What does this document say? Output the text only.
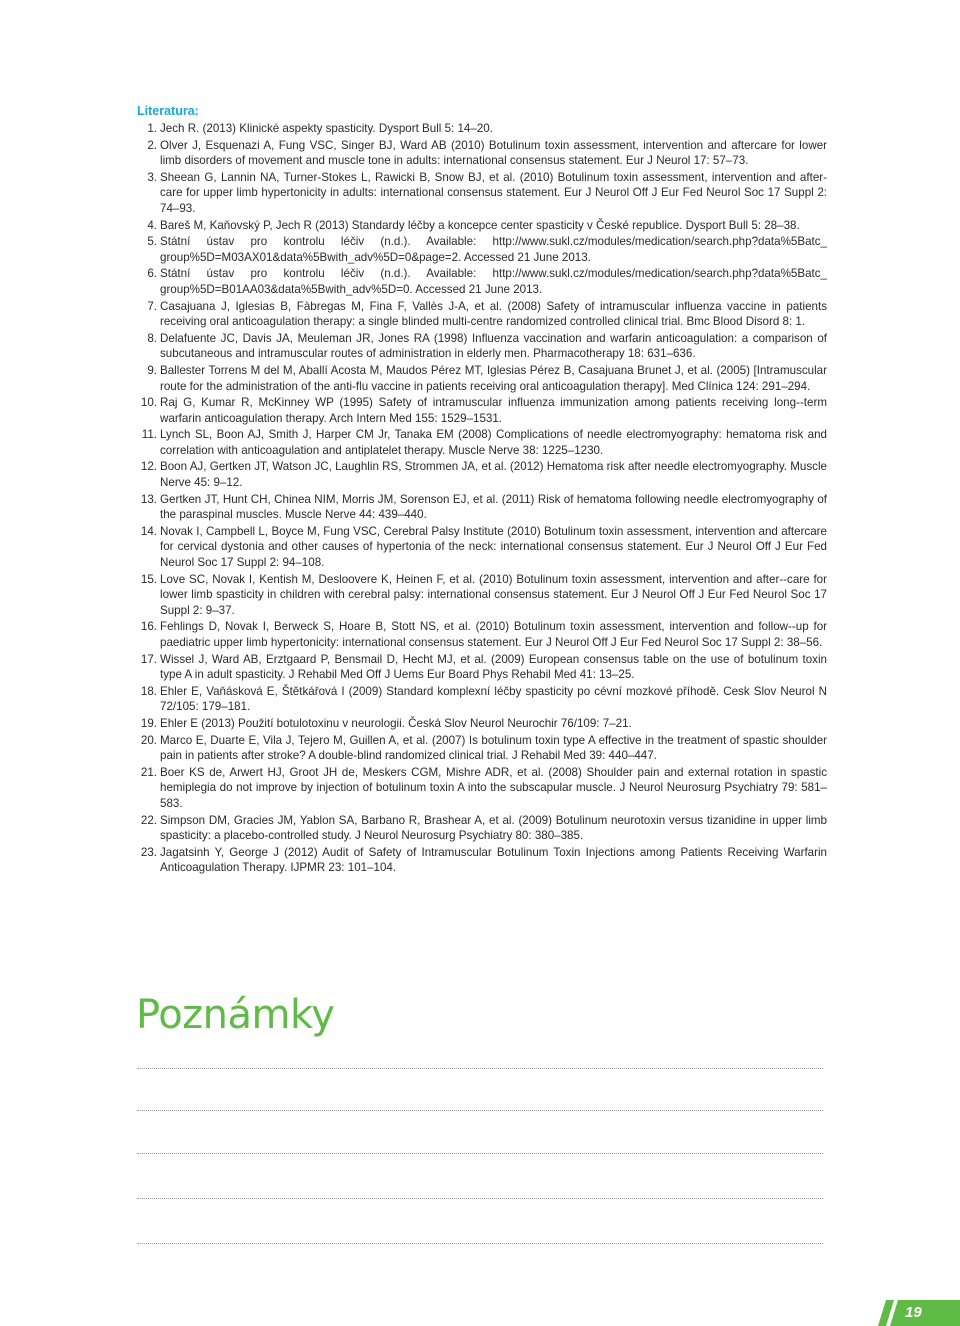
Literatura:
1. Jech R. (2013) Klinické aspekty spasticity. Dysport Bull 5: 14–20.
2. Olver J, Esquenazi A, Fung VSC, Singer BJ, Ward AB (2010) Botulinum toxin assessment, intervention and aftercare for lower limb disorders of movement and muscle tone in adults: international consensus statement. Eur J Neurol 17: 57–73.
3. Sheean G, Lannin NA, Turner-Stokes L, Rawicki B, Snow BJ, et al. (2010) Botulinum toxin assessment, intervention and after-care for upper limb hypertonicity in adults: international consensus statement. Eur J Neurol Off J Eur Fed Neurol Soc 17 Suppl 2: 74–93.
4. Bareš M, Kaňovský P, Jech R (2013) Standardy léčby a koncepce center spasticity v České republice. Dysport Bull 5: 28–38.
5. Státní ústav pro kontrolu léčiv (n.d.). Available: http://www.sukl.cz/modules/medication/search.php?data%5Batc_ group%5D=M03AX01&data%5Bwith_adv%5D=0&page=2. Accessed 21 June 2013.
6. Státní ústav pro kontrolu léčiv (n.d.). Available: http://www.sukl.cz/modules/medication/search.php?data%5Batc_ group%5D=B01AA03&data%5Bwith_adv%5D=0. Accessed 21 June 2013.
7. Casajuana J, Iglesias B, Fàbregas M, Fina F, Vallès J-A, et al. (2008) Safety of intramuscular influenza vaccine in patients receiving oral anticoagulation therapy: a single blinded multi-centre randomized controlled clinical trial. Bmc Blood Disord 8: 1.
8. Delafuente JC, Davis JA, Meuleman JR, Jones RA (1998) Influenza vaccination and warfarin anticoagulation: a comparison of subcutaneous and intramuscular routes of administration in elderly men. Pharmacotherapy 18: 631–636.
9. Ballester Torrens M del M, Aballí Acosta M, Maudos Pérez MT, Iglesias Pérez B, Casajuana Brunet J, et al. (2005) [Intramuscular route for the administration of the anti-flu vaccine in patients receiving oral anticoagulation therapy]. Med Clínica 124: 291–294.
10. Raj G, Kumar R, McKinney WP (1995) Safety of intramuscular influenza immunization among patients receiving long--term warfarin anticoagulation therapy. Arch Intern Med 155: 1529–1531.
11. Lynch SL, Boon AJ, Smith J, Harper CM Jr, Tanaka EM (2008) Complications of needle electromyography: hematoma risk and correlation with anticoagulation and antiplatelet therapy. Muscle Nerve 38: 1225–1230.
12. Boon AJ, Gertken JT, Watson JC, Laughlin RS, Strommen JA, et al. (2012) Hematoma risk after needle electromyography. Muscle Nerve 45: 9–12.
13. Gertken JT, Hunt CH, Chinea NIM, Morris JM, Sorenson EJ, et al. (2011) Risk of hematoma following needle electromyography of the paraspinal muscles. Muscle Nerve 44: 439–440.
14. Novak I, Campbell L, Boyce M, Fung VSC, Cerebral Palsy Institute (2010) Botulinum toxin assessment, intervention and aftercare for cervical dystonia and other causes of hypertonia of the neck: international consensus statement. Eur J Neurol Off J Eur Fed Neurol Soc 17 Suppl 2: 94–108.
15. Love SC, Novak I, Kentish M, Desloovere K, Heinen F, et al. (2010) Botulinum toxin assessment, intervention and after--care for lower limb spasticity in children with cerebral palsy: international consensus statement. Eur J Neurol Off J Eur Fed Neurol Soc 17 Suppl 2: 9–37.
16. Fehlings D, Novak I, Berweck S, Hoare B, Stott NS, et al. (2010) Botulinum toxin assessment, intervention and follow--up for paediatric upper limb hypertonicity: international consensus statement. Eur J Neurol Off J Eur Fed Neurol Soc 17 Suppl 2: 38–56.
17. Wissel J, Ward AB, Erztgaard P, Bensmail D, Hecht MJ, et al. (2009) European consensus table on the use of botulinum toxin type A in adult spasticity. J Rehabil Med Off J Uems Eur Board Phys Rehabil Med 41: 13–25.
18. Ehler E, Vaňásková E, Štětkářová I (2009) Standard komplexní léčby spasticity po cévní mozkové příhodě. Cesk Slov Neurol N 72/105: 179–181.
19. Ehler E (2013) Použití botulotoxinu v neurologii. Česká Slov Neurol Neurochir 76/109: 7–21.
20. Marco E, Duarte E, Vila J, Tejero M, Guillen A, et al. (2007) Is botulinum toxin type A effective in the treatment of spastic shoulder pain in patients after stroke? A double-blind randomized clinical trial. J Rehabil Med 39: 440–447.
21. Boer KS de, Arwert HJ, Groot JH de, Meskers CGM, Mishre ADR, et al. (2008) Shoulder pain and external rotation in spastic hemiplegia do not improve by injection of botulinum toxin A into the subscapular muscle. J Neurol Neurosurg Psychiatry 79: 581–583.
22. Simpson DM, Gracies JM, Yablon SA, Barbano R, Brashear A, et al. (2009) Botulinum neurotoxin versus tizanidine in upper limb spasticity: a placebo-controlled study. J Neurol Neurosurg Psychiatry 80: 380–385.
23. Jagatsinh Y, George J (2012) Audit of Safety of Intramuscular Botulinum Toxin Injections among Patients Receiving Warfarin Anticoagulation Therapy. IJPMR 23: 101–104.
Poznámky
19
